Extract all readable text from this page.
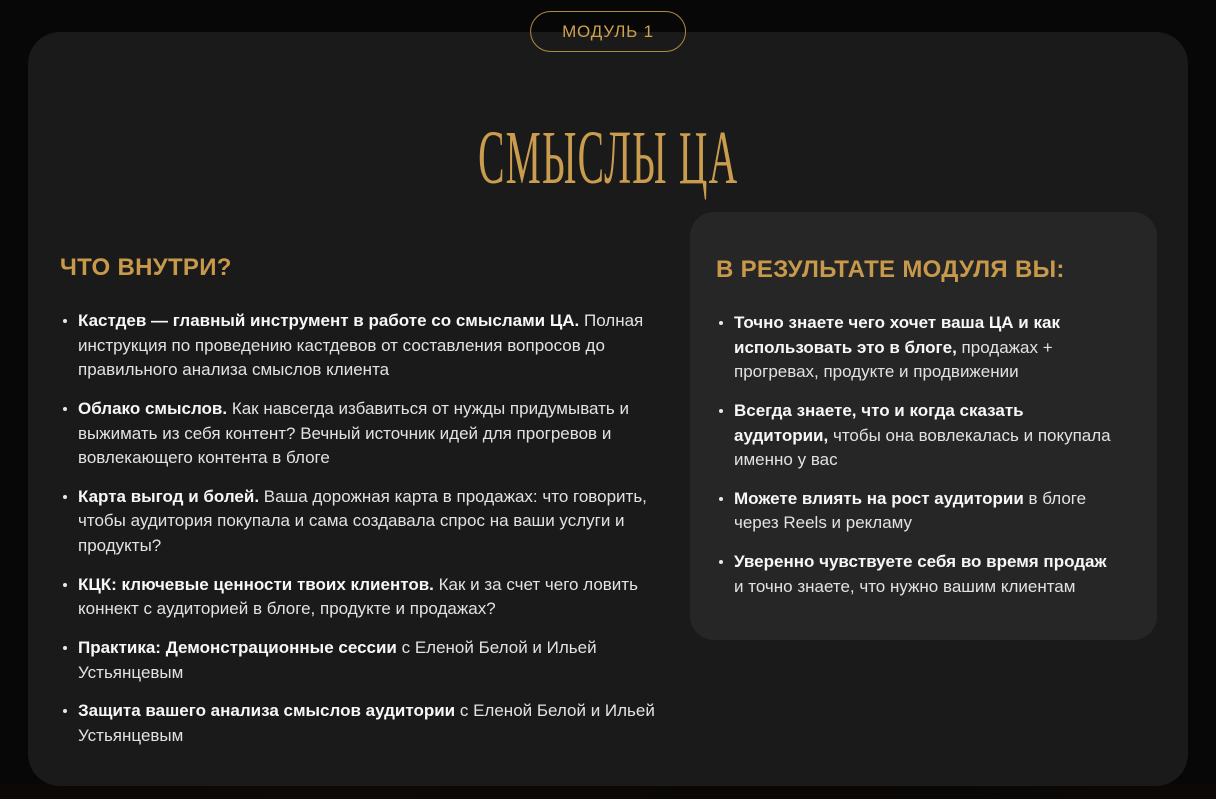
СМЫСЛЫ ЦА
ЧТО ВНУТРИ?

Кастдев — главный инструмент в работе со смыслами ЦА. Полная инструкция по проведению кастдевов от составления вопросов до правильного анализа смыслов клиента

Облако смыслов. Как навсегда избавиться от нужды придумывать и выжимать из себя контент? Вечный источник идей для прогревов и вовлекающего контента в блоге

Карта выгод и болей. Ваша дорожная карта в продажах: что говорить, чтобы аудитория покупала и сама создавала спрос на ваши услуги и продукты?

КЦК: ключевые ценности твоих клиентов. Как и за счет чего ловить коннект с аудиторией в блоге, продукте и продажах?

Практика: Демонстрационные сессии с Еленой Белой и Ильей Устьянцевым

Защита вашего анализа смыслов аудитории с Еленой Белой и Ильей Устьянцевым

В РЕЗУЛЬТАТЕ МОДУЛЯ ВЫ:

Точно знаете чего хочет ваша ЦА и как использовать это в блоге, продажах + прогревах, продукте и продвижении

Всегда знаете, что и когда сказать аудитории, чтобы она вовлекалась и покупала именно у вас

Можете влиять на рост аудитории в блоге через Reels и рекламу

Уверенно чувствуете себя во время продаж и точно знаете, что нужно вашим клиентам

МОДУЛЬ 1
